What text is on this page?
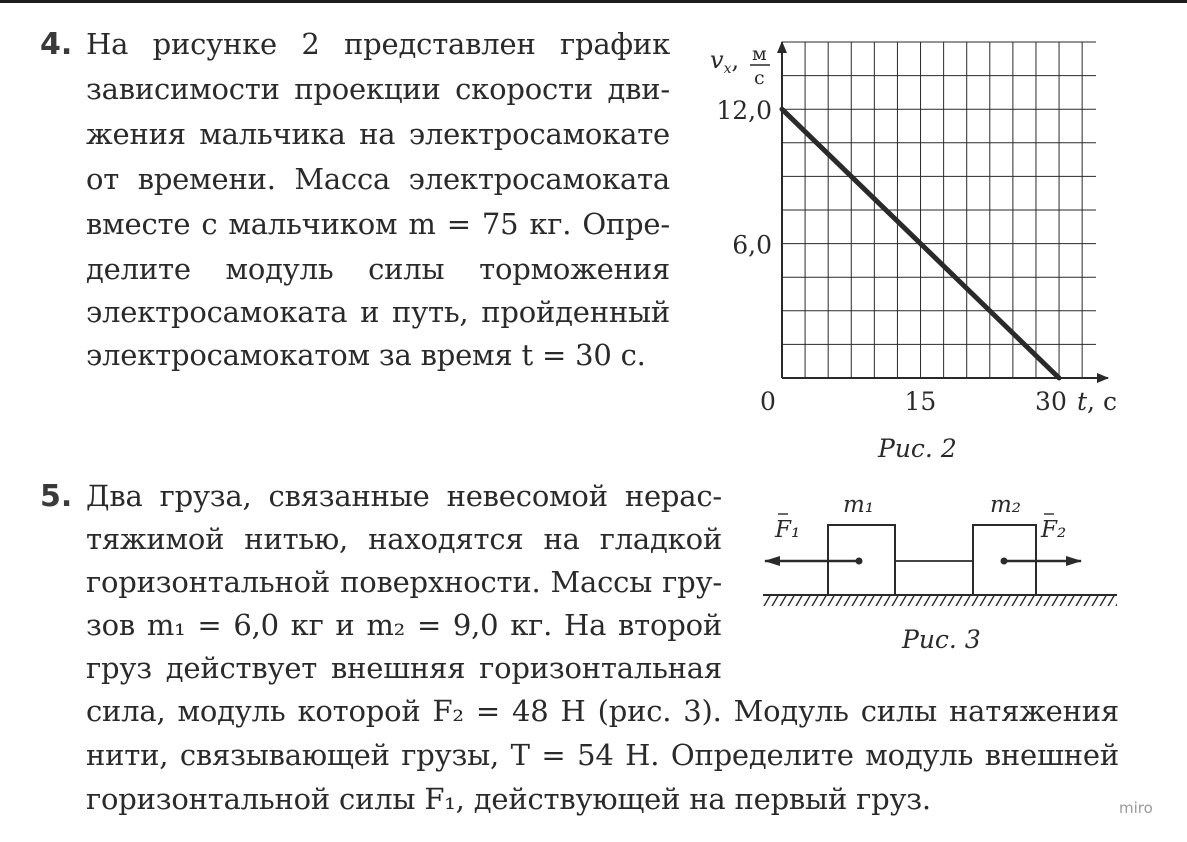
4. На рисунке 2 представлен график
зависимости проекции скорости дви-
жения мальчика на электросамокате
от времени. Масса электросамоката
вместе с мальчиком m = 75 кг. Опре-
делите модуль силы торможения
электросамоката и путь, пройденный
электросамокатом за время t = 30 с.
0	15	30
12,0
6,0
$v_x$, м
с
t, с
Рис. 2
5. Два груза, связанные невесомой нерас-
тяжимой нитью, находятся на гладкой
горизонтальной поверхности. Массы гру-
зов m₁ = 6,0 кг и m₂ = 9,0 кг. На второй
груз действует внешняя горизонтальная
сила, модуль которой F₂ = 48 Н (рис. 3). Модуль силы натяжения
нити, связывающей грузы, T = 54 Н. Определите модуль внешней
горизонтальной силы F₁, действующей на первый груз.
m₁	m₂
F₁	F₂
Рис. 3
miro
